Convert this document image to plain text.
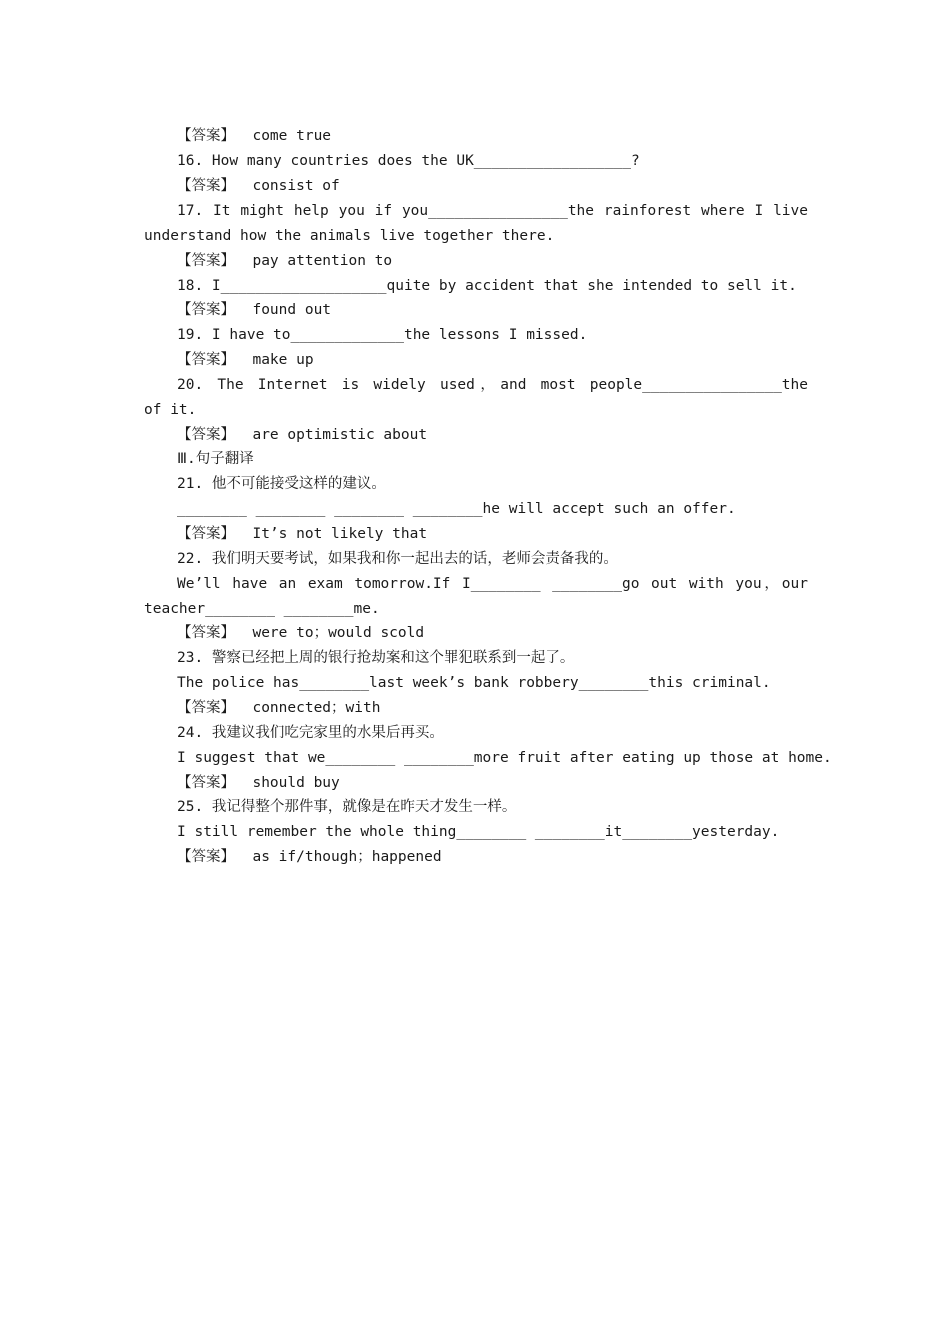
【答案】  come true
16. How many countries does the UK__________________?
【答案】  consist of
17. It might help you if you________________the rainforest where I live
understand how the animals live together there.
【答案】  pay attention to
18. I___________________quite by accident that she intended to sell it.
【答案】  found out
19. I have to_____________the lessons I missed.
【答案】  make up
20. The Internet is widely used，and most people________________the
of it.
【答案】  are optimistic about
Ⅲ.句子翻译
21. 他不可能接受这样的建议。
________ ________ ________ ________he will accept such an offer.
【答案】  It’s not likely that
22. 我们明天要考试，如果我和你一起出去的话，老师会责备我的。
We’ll have an exam tomorrow.If I________ ________go out with you，our
teacher________ ________me.
【答案】  were to；would scold
23. 警察已经把上周的银行抢劫案和这个罪犯联系到一起了。
The police has________last week’s bank robbery________this criminal.
【答案】  connected；with
24. 我建议我们吃完家里的水果后再买。
I suggest that we________ ________more fruit after eating up those at home.
【答案】  should buy
25. 我记得整个那件事，就像是在昨天才发生一样。
I still remember the whole thing________ ________it________yesterday.
【答案】  as if/though；happened
